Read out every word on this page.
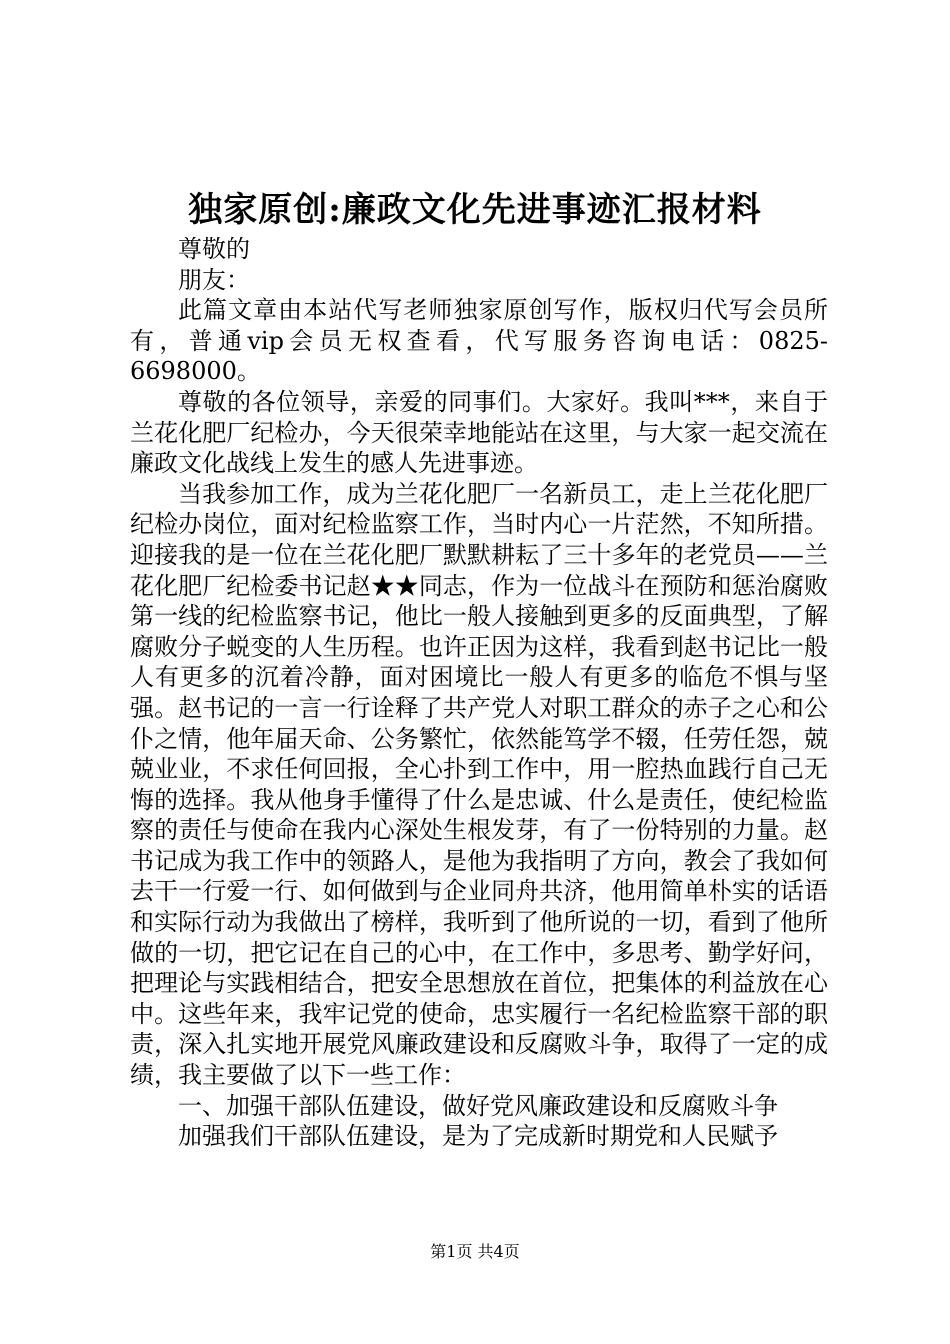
独家原创:廉政文化先进事迹汇报材料

尊敬的

朋友：

此篇文章由本站代写老师独家原创写作，版权归代写会员所有，普通vip会员无权查看，代写服务咨询电话：0825-6698000。

尊敬的各位领导，亲爱的同事们。大家好。我叫***，来自于兰花化肥厂纪检办，今天很荣幸地能站在这里，与大家一起交流在廉政文化战线上发生的感人先进事迹。

当我参加工作，成为兰花化肥厂一名新员工，走上兰花化肥厂纪检办岗位，面对纪检监察工作，当时内心一片茫然，不知所措。迎接我的是一位在兰花化肥厂默默耕耘了三十多年的老党员——兰花化肥厂纪检委书记赵★★同志，作为一位战斗在预防和惩治腐败第一线的纪检监察书记，他比一般人接触到更多的反面典型，了解腐败分子蜕变的人生历程。也许正因为这样，我看到赵书记比一般人有更多的沉着冷静，面对困境比一般人有更多的临危不惧与坚强。赵书记的一言一行诠释了共产党人对职工群众的赤子之心和公仆之情，他年届天命、公务繁忙，依然能笃学不辍，任劳任怨，兢兢业业，不求任何回报，全心扑到工作中，用一腔热血践行自己无悔的选择。我从他身手懂得了什么是忠诚、什么是责任，使纪检监察的责任与使命在我内心深处生根发芽，有了一份特别的力量。赵书记成为我工作中的领路人，是他为我指明了方向，教会了我如何去干一行爱一行、如何做到与企业同舟共济，他用简单朴实的话语和实际行动为我做出了榜样，我听到了他所说的一切，看到了他所做的一切，把它记在自己的心中，在工作中，多思考、勤学好问，把理论与实践相结合，把安全思想放在首位，把集体的利益放在心中。这些年来，我牢记党的使命，忠实履行一名纪检监察干部的职责，深入扎实地开展党风廉政建设和反腐败斗争，取得了一定的成绩，我主要做了以下一些工作：

一、加强干部队伍建设，做好党风廉政建设和反腐败斗争

加强我们干部队伍建设，是为了完成新时期党和人民赋予

第1页 共4页
